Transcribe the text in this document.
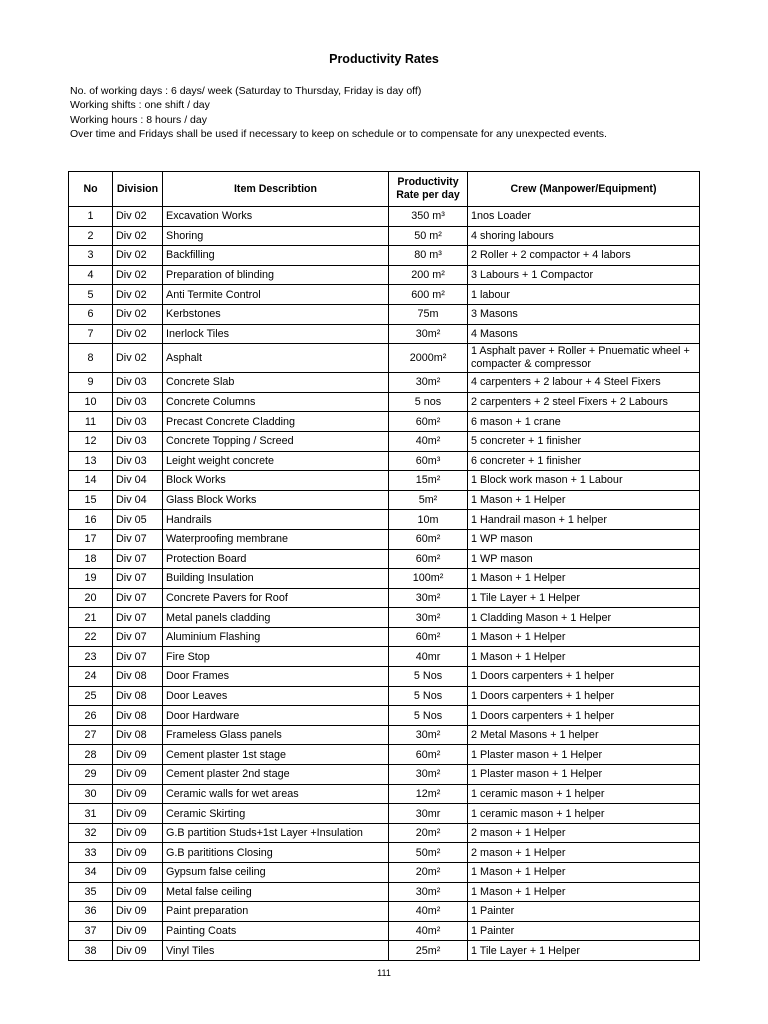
Productivity Rates
No. of working days : 6 days/ week (Saturday to Thursday, Friday is day off)
Working shifts : one shift / day
Working hours : 8 hours / day
Over time and Fridays shall be used if necessary to keep on schedule or to compensate for any unexpected events.
No	Division	Item Describtion	Productivity Rate per day	Crew (Manpower/Equipment)
1	Div 02	Excavation Works	350 m³	1nos Loader
2	Div 02	Shoring	50 m²	4 shoring labours
3	Div 02	Backfilling	80 m³	2 Roller + 2 compactor + 4 labors
4	Div 02	Preparation of blinding	200 m²	3 Labours + 1 Compactor
5	Div 02	Anti Termite Control	600 m²	1 labour
6	Div 02	Kerbstones	75m	3 Masons
7	Div 02	Inerlock Tiles	30m²	4 Masons
8	Div 02	Asphalt	2000m²	1 Asphalt paver + Roller + Pnuematic wheel + compacter & compressor
9	Div 03	Concrete Slab	30m²	4 carpenters + 2 labour + 4 Steel Fixers
10	Div 03	Concrete Columns	5 nos	2 carpenters + 2 steel Fixers + 2 Labours
11	Div 03	Precast Concrete Cladding	60m²	6 mason + 1 crane
12	Div 03	Concrete Topping / Screed	40m²	5 concreter + 1 finisher
13	Div 03	Leight weight concrete	60m³	6 concreter + 1 finisher
14	Div 04	Block Works	15m²	1 Block work mason + 1 Labour
15	Div 04	Glass Block Works	5m²	1 Mason + 1 Helper
16	Div 05	Handrails	10m	1 Handrail mason + 1 helper
17	Div 07	Waterproofing membrane	60m²	1 WP mason
18	Div 07	Protection Board	60m²	1 WP mason
19	Div 07	Building Insulation	100m²	1 Mason + 1 Helper
20	Div 07	Concrete Pavers for Roof	30m²	1 Tile Layer + 1 Helper
21	Div 07	Metal panels cladding	30m²	1 Cladding Mason + 1 Helper
22	Div 07	Aluminium Flashing	60m²	1 Mason + 1 Helper
23	Div 07	Fire Stop	40mr	1 Mason + 1 Helper
24	Div 08	Door Frames	5 Nos	1 Doors carpenters + 1 helper
25	Div 08	Door Leaves	5 Nos	1 Doors carpenters + 1 helper
26	Div 08	Door Hardware	5 Nos	1 Doors carpenters + 1 helper
27	Div 08	Frameless Glass panels	30m²	2 Metal Masons + 1 helper
28	Div 09	Cement plaster 1st stage	60m²	1 Plaster mason + 1 Helper
29	Div 09	Cement plaster 2nd stage	30m²	1 Plaster mason + 1 Helper
30	Div 09	Ceramic walls for wet areas	12m²	1 ceramic mason + 1 helper
31	Div 09	Ceramic Skirting	30mr	1 ceramic mason + 1 helper
32	Div 09	G.B partition Studs+1st Layer +Insulation	20m²	2 mason + 1 Helper
33	Div 09	G.B parititions Closing	50m²	2 mason + 1 Helper
34	Div 09	Gypsum false ceiling	20m²	1 Mason + 1 Helper
35	Div 09	Metal false ceiling	30m²	1 Mason + 1 Helper
36	Div 09	Paint preparation	40m²	1 Painter
37	Div 09	Painting Coats	40m²	1 Painter
38	Div 09	Vinyl Tiles	25m²	1 Tile Layer + 1 Helper
111
